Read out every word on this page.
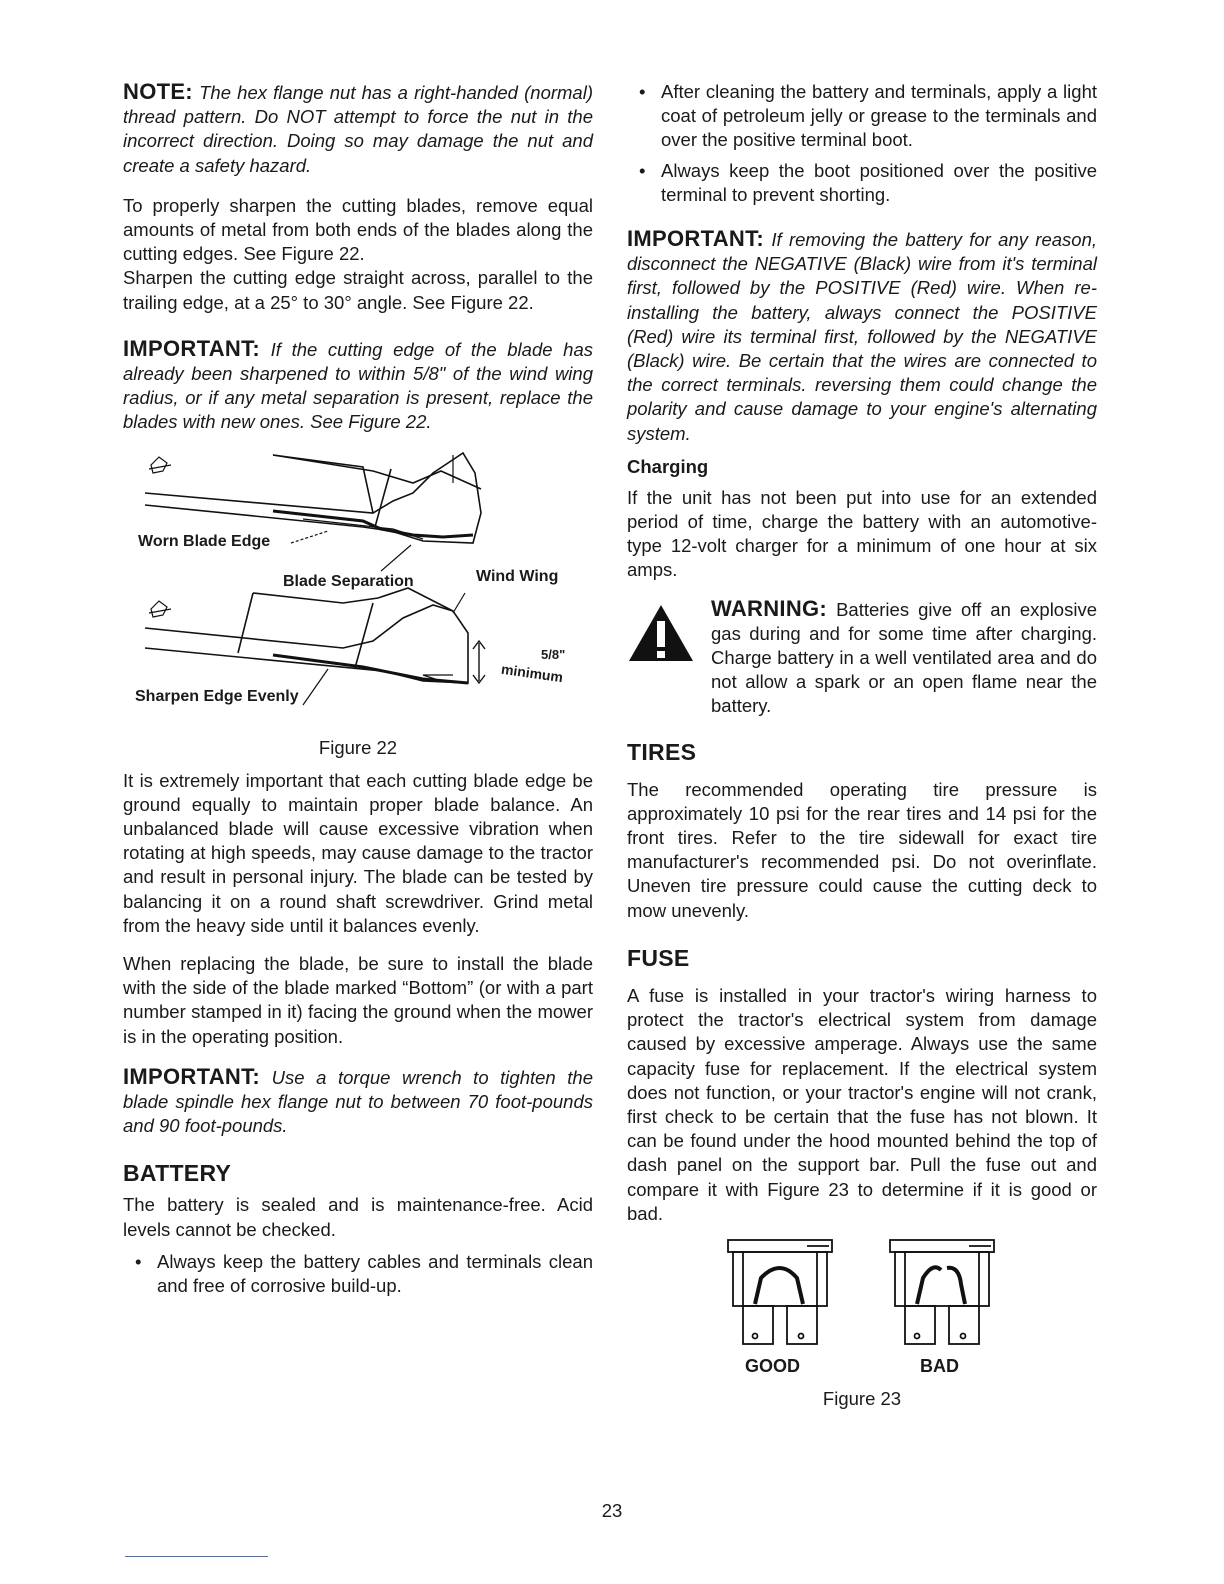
NOTE: The hex flange nut has a right-handed (normal) thread pattern. Do NOT attempt to force the nut in the incorrect direction. Doing so may damage the nut and create a safety hazard.

To properly sharpen the cutting blades, remove equal amounts of metal from both ends of the blades along the cutting edges. See Figure 22.

Sharpen the cutting edge straight across, parallel to the trailing edge, at a 25° to 30° angle. See Figure 22.

IMPORTANT: If the cutting edge of the blade has already been sharpened to within 5/8" of the wind wing radius, or if any metal separation is present, replace the blades with new ones. See Figure 22.

Worn Blade Edge
Blade Separation	Wind Wing
5/8"
minimum
Sharpen Edge Evenly
Figure 22

It is extremely important that each cutting blade edge be ground equally to maintain proper blade balance. An unbalanced blade will cause excessive vibration when rotating at high speeds, may cause damage to the tractor and result in personal injury. The blade can be tested by balancing it on a round shaft screwdriver. Grind metal from the heavy side until it balances evenly.

When replacing the blade, be sure to install the blade with the side of the blade marked “Bottom” (or with a part number stamped in it) facing the ground when the mower is in the operating position.

IMPORTANT: Use a torque wrench to tighten the blade spindle hex flange nut to between 70 foot-pounds and 90 foot-pounds.

BATTERY

The battery is sealed and is maintenance-free. Acid levels cannot be checked.

• Always keep the battery cables and terminals clean and free of corrosive build-up.
• After cleaning the battery and terminals, apply a light coat of petroleum jelly or grease to the terminals and over the positive terminal boot.
• Always keep the boot positioned over the positive terminal to prevent shorting.

IMPORTANT: If removing the battery for any reason, disconnect the NEGATIVE (Black) wire from it's terminal first, followed by the POSITIVE (Red) wire. When re-installing the battery, always connect the POSITIVE (Red) wire its terminal first, followed by the NEGATIVE (Black) wire. Be certain that the wires are connected to the correct terminals. reversing them could change the polarity and cause damage to your engine's alternating system.

Charging

If the unit has not been put into use for an extended period of time, charge the battery with an automotive-type 12-volt charger for a minimum of one hour at six amps.

WARNING: Batteries give off an explosive gas during and for some time after charging. Charge battery in a well ventilated area and do not allow a spark or an open flame near the battery.

TIRES

The recommended operating tire pressure is approximately 10 psi for the rear tires and 14 psi for the front tires. Refer to the tire sidewall for exact tire manufacturer's recommended psi. Do not overinflate. Uneven tire pressure could cause the cutting deck to mow unevenly.

FUSE

A fuse is installed in your tractor's wiring harness to protect the tractor's electrical system from damage caused by excessive amperage. Always use the same capacity fuse for replacement. If the electrical system does not function, or your tractor's engine will not crank, first check to be certain that the fuse has not blown. It can be found under the hood mounted behind the top of dash panel on the support bar. Pull the fuse out and compare it with Figure 23 to determine if it is good or bad.

GOOD	BAD
Figure 23
23
